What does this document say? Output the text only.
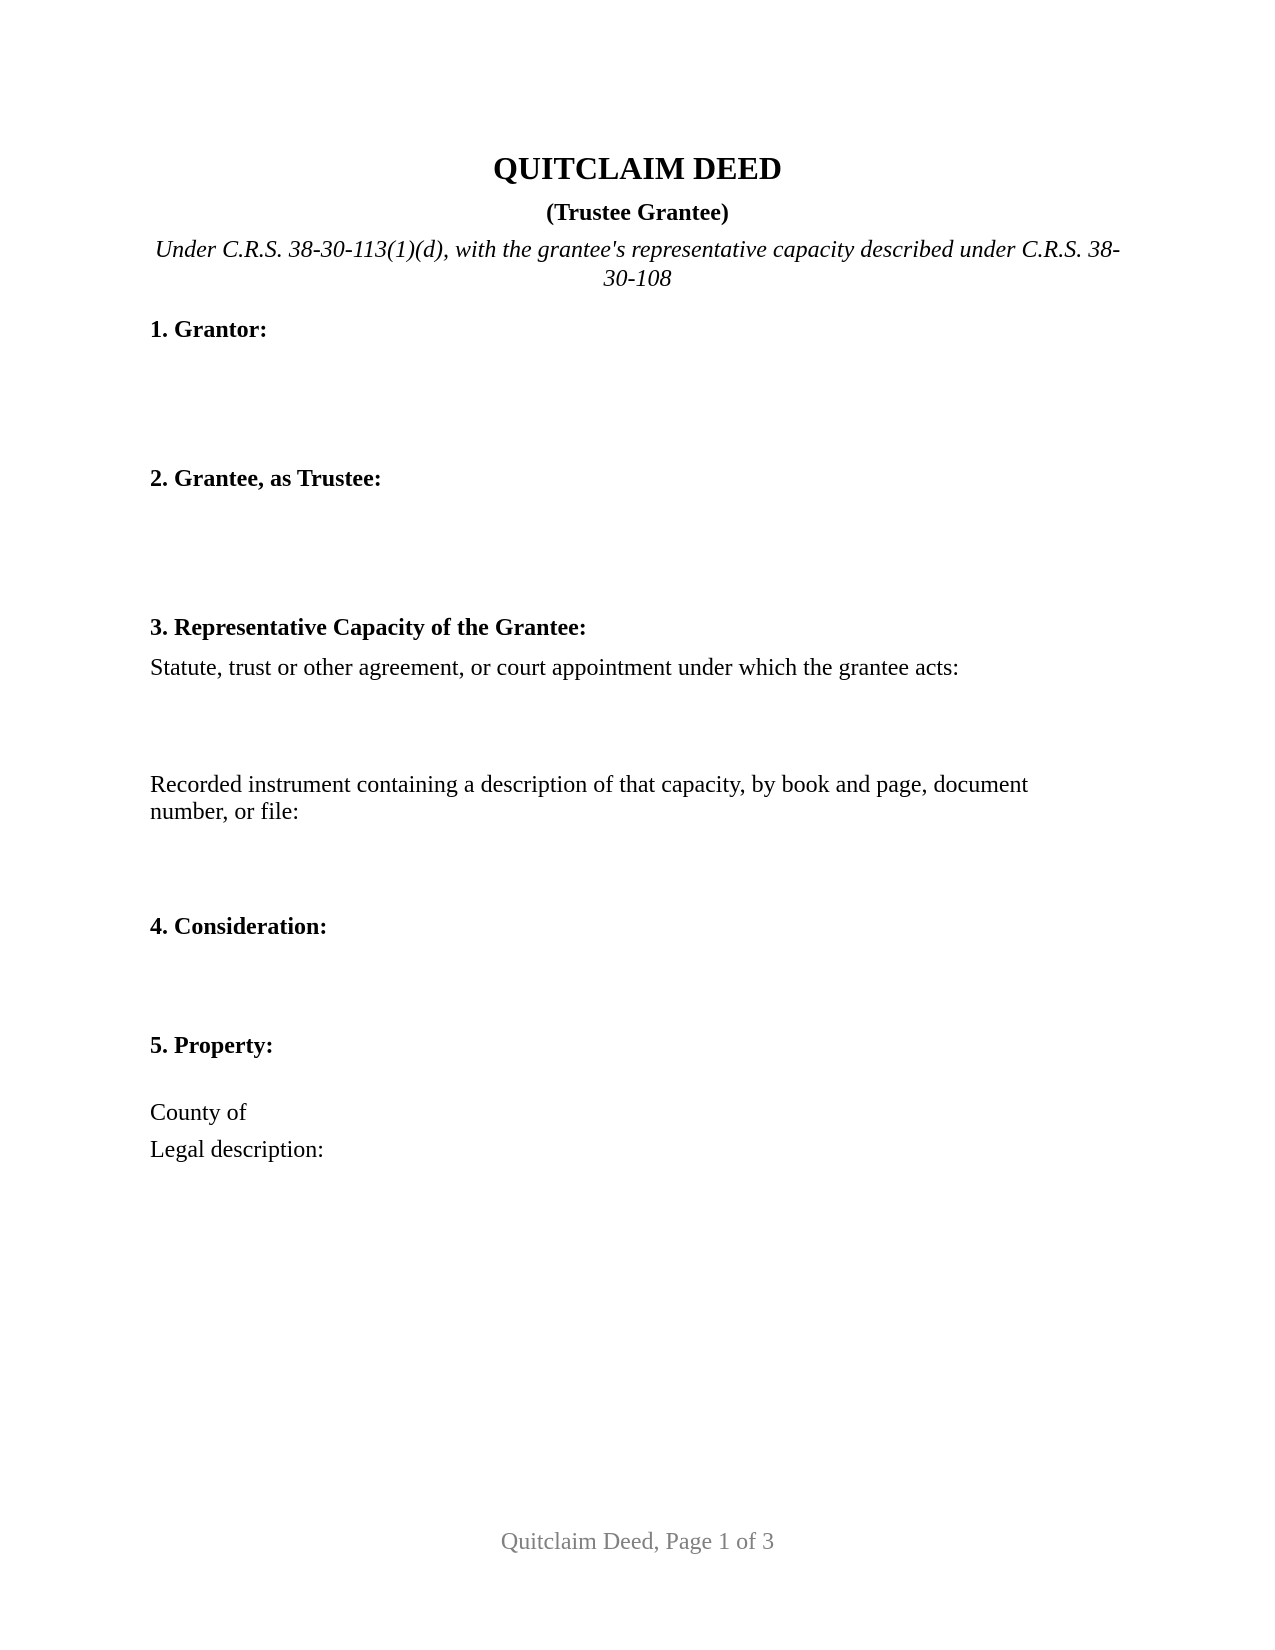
QUITCLAIM DEED
(Trustee Grantee)
Under C.R.S. 38-30-113(1)(d), with the grantee's representative capacity described under C.R.S. 38-30-108
1. Grantor:
2. Grantee, as Trustee:
3. Representative Capacity of the Grantee:
Statute, trust or other agreement, or court appointment under which the grantee acts:
Recorded instrument containing a description of that capacity, by book and page, document number, or file:
4. Consideration:
5. Property:
County of
Legal description:
Quitclaim Deed, Page 1 of 3
